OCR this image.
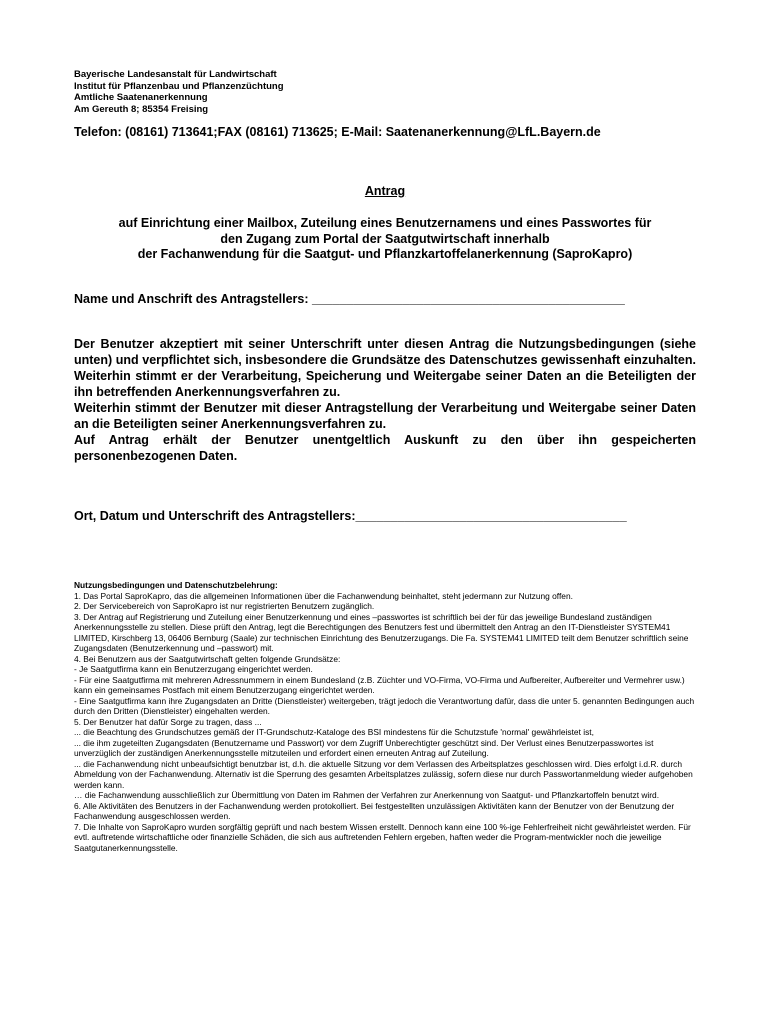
Bayerische Landesanstalt für Landwirtschaft
Institut für Pflanzenbau und Pflanzenzüchtung
Amtliche Saatenanerkennung
Am Gereuth 8; 85354 Freising
Telefon: (08161) 713641;FAX (08161) 713625; E-Mail: Saatenanerkennung@LfL.Bayern.de
Antrag
auf Einrichtung einer Mailbox, Zuteilung eines Benutzernamens und eines Passwortes für
den Zugang zum Portal der Saatgutwirtschaft innerhalb
der Fachanwendung für die Saatgut- und Pflanzkartoffelanerkennung (SaproKapro)
Name und Anschrift des Antragstellers: _____________________________________________

Der Benutzer akzeptiert mit seiner Unterschrift unter diesen Antrag die Nutzungsbedingungen (siehe unten) und verpflichtet sich, insbesondere die Grundsätze des Datenschutzes gewissenhaft einzuhalten. Weiterhin stimmt er der Verarbeitung, Speicherung und Weitergabe seiner Daten an die Beteiligten der ihn betreffenden Anerkennungsverfahren zu.

Weiterhin stimmt der Benutzer mit dieser Antragstellung der Verarbeitung und Weitergabe seiner Daten an die Beteiligten seiner Anerkennungsverfahren zu.

Auf Antrag erhält der Benutzer unentgeltlich Auskunft zu den über ihn gespeicherten personenbezogenen Daten.

Ort, Datum und Unterschrift des Antragstellers:_______________________________________

Nutzungsbedingungen und Datenschutzbelehrung:

1. Das Portal SaproKapro, das die allgemeinen Informationen über die Fachanwendung beinhaltet, steht jedermann zur Nutzung offen.

2. Der Servicebereich von SaproKapro ist nur registrierten Benutzern zugänglich.

3. Der Antrag auf Registrierung und Zuteilung einer Benutzerkennung und eines –passwortes ist schriftlich bei der für das jeweilige Bundesland zuständigen Anerkennungsstelle zu stellen. Diese prüft den Antrag, legt die Berechtigungen des Benutzers fest und übermittelt den Antrag an den IT-Dienstleister SYSTEM41 LIMITED, Kirschberg 13, 06406 Bernburg (Saale) zur technischen Einrichtung des Benutzerzugangs. Die Fa. SYSTEM41 LIMITED teilt dem Benutzer schriftlich seine Zugangsdaten (Benutzerkennung und –passwort) mit.

4. Bei Benutzern aus der Saatgutwirtschaft gelten folgende Grundsätze:

- Je Saatgutfirma kann ein Benutzerzugang eingerichtet werden.

- Für eine Saatgutfirma mit mehreren Adressnummern in einem Bundesland (z.B. Züchter und VO-Firma, VO-Firma und Aufbereiter, Aufbereiter und Vermehrer usw.) kann ein gemeinsames Postfach mit einem Benutzerzugang eingerichtet werden.

- Eine Saatgutfirma kann ihre Zugangsdaten an Dritte (Dienstleister) weitergeben, trägt jedoch die Verantwortung dafür, dass die unter 5. genannten Bedingungen auch durch den Dritten (Dienstleister) eingehalten werden.

5. Der Benutzer hat dafür Sorge zu tragen, dass ...

... die Beachtung des Grundschutzes gemäß der IT-Grundschutz-Kataloge des BSI mindestens für die Schutzstufe 'normal' gewährleistet ist,

... die ihm zugeteilten Zugangsdaten (Benutzername und Passwort) vor dem Zugriff Unberechtigter geschützt sind. Der Verlust eines Benutzerpasswortes ist unverzüglich der zuständigen Anerkennungsstelle mitzuteilen und erfordert einen erneuten Antrag auf Zuteilung.

... die Fachanwendung nicht unbeaufsichtigt benutzbar ist, d.h. die aktuelle Sitzung vor dem Verlassen des Arbeitsplatzes geschlossen wird. Dies erfolgt i.d.R. durch Abmeldung von der Fachanwendung. Alternativ ist die Sperrung des gesamten Arbeitsplatzes zulässig, sofern diese nur durch Passwortanmeldung wieder aufgehoben werden kann.

… die Fachanwendung ausschließlich zur Übermittlung von Daten im Rahmen der Verfahren zur Anerkennung von Saatgut- und Pflanzkartoffeln benutzt wird.

6. Alle Aktivitäten des Benutzers in der Fachanwendung werden protokolliert. Bei festgestellten unzulässigen Aktivitäten kann der Benutzer von der Benutzung der Fachanwendung ausgeschlossen werden.

7. Die Inhalte von SaproKapro wurden sorgfältig geprüft und nach bestem Wissen erstellt. Dennoch kann eine 100 %-ige Fehlerfreiheit nicht gewährleistet werden. Für evtl. auftretende wirtschaftliche oder finanzielle Schäden, die sich aus auftretenden Fehlern ergeben, haften weder die Program-mentwickler noch die jeweilige Saatgutanerkennungsstelle.
